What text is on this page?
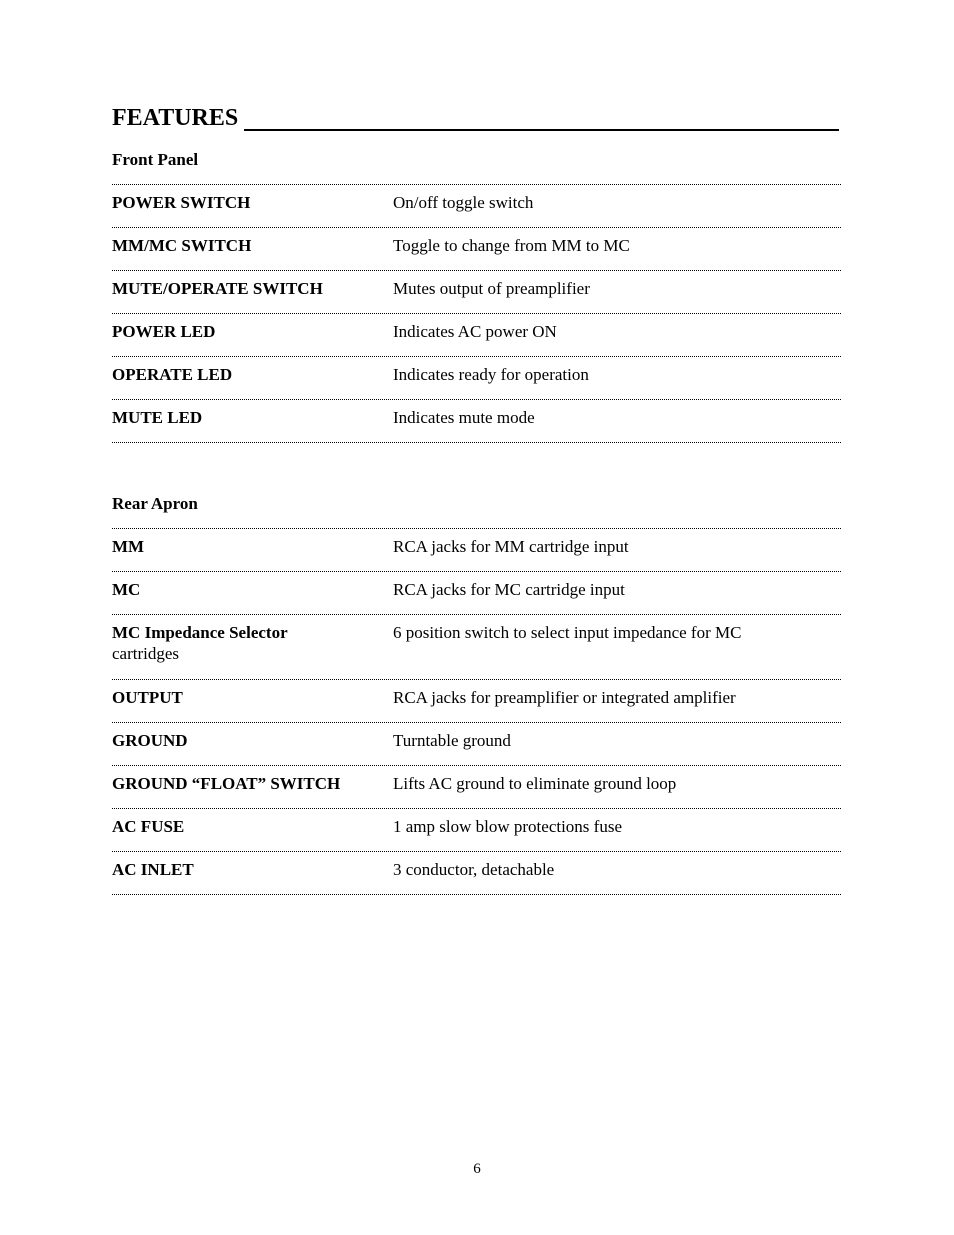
FEATURES
Front Panel
POWER SWITCH	On/off toggle switch
MM/MC SWITCH	Toggle to change from MM to MC
MUTE/OPERATE SWITCH	Mutes output of preamplifier
POWER LED	Indicates AC power ON
OPERATE LED	Indicates ready for operation
MUTE LED	Indicates mute mode
Rear Apron
MM	RCA jacks for MM cartridge input
MC	RCA jacks for MC cartridge input
MC Impedance Selector	6 position switch to select input impedance for MC
cartridges
OUTPUT	RCA jacks for preamplifier or integrated amplifier
GROUND	Turntable ground
GROUND “FLOAT” SWITCH	Lifts AC ground to eliminate ground loop
AC FUSE	1 amp slow blow protections fuse
AC INLET	3 conductor, detachable
6
